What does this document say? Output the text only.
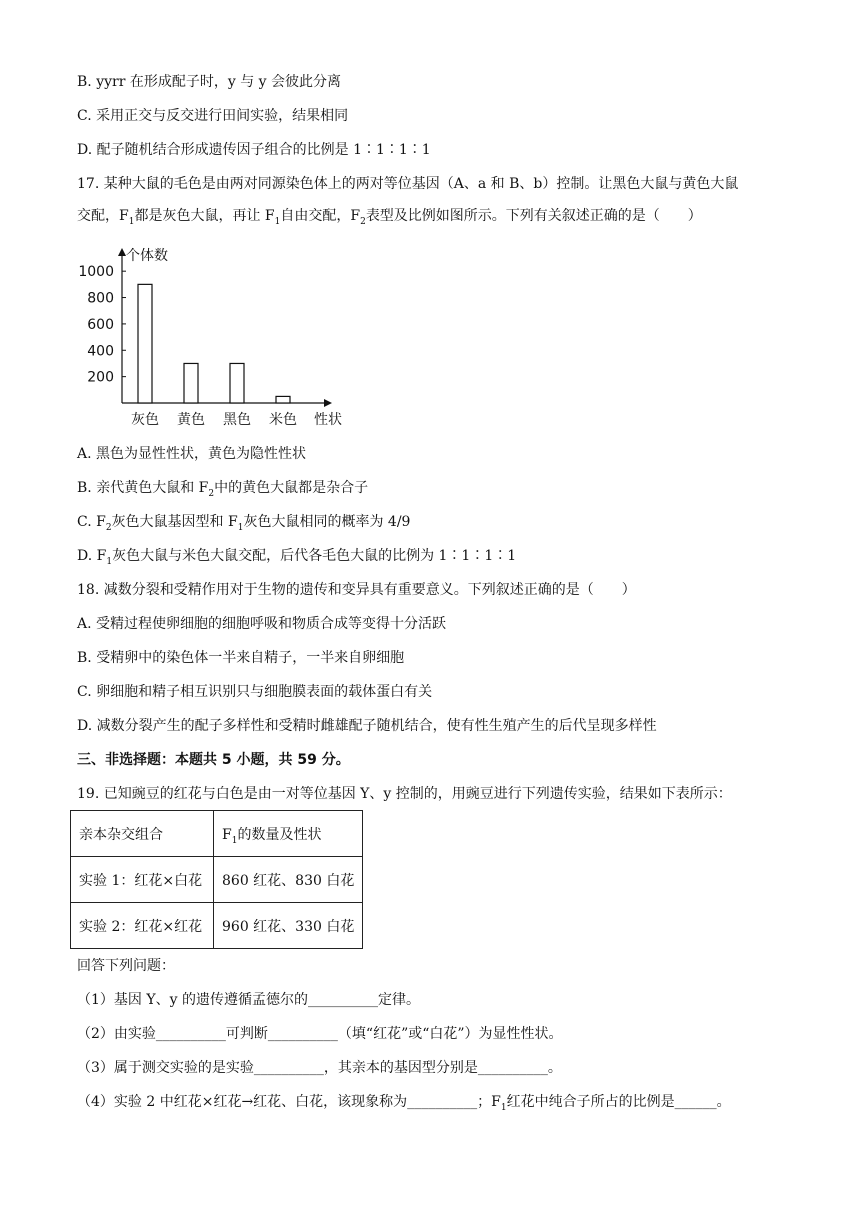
B. yyrr 在形成配子时，y 与 y 会彼此分离
C. 采用正交与反交进行田间实验，结果相同
D. 配子随机结合形成遗传因子组合的比例是 1∶1∶1∶1
17. 某种大鼠的毛色是由两对同源染色体上的两对等位基因（A、a 和 B、b）控制。让黑色大鼠与黄色大鼠
交配，$F_1$都是灰色大鼠，再让 $F_1$自由交配，$F_2$表型及比例如图所示。下列有关叙述正确的是（　　）
200
400
600
800
1000
个体数
灰色 黄色 黑色 米色 性状
A. 黑色为显性性状，黄色为隐性性状
B. 亲代黄色大鼠和 $F_2$中的黄色大鼠都是杂合子
C. $F_2$灰色大鼠基因型和 $F_1$灰色大鼠相同的概率为 4/9
D. $F_1$灰色大鼠与米色大鼠交配，后代各毛色大鼠的比例为 1∶1∶1∶1
18. 减数分裂和受精作用对于生物的遗传和变异具有重要意义。下列叙述正确的是（　　）
A. 受精过程使卵细胞的细胞呼吸和物质合成等变得十分活跃
B. 受精卵中的染色体一半来自精子，一半来自卵细胞
C. 卵细胞和精子相互识别只与细胞膜表面的载体蛋白有关
D. 减数分裂产生的配子多样性和受精时雌雄配子随机结合，使有性生殖产生的后代呈现多样性
三、非选择题：本题共 5 小题，共 59 分。
19. 已知豌豆的红花与白色是由一对等位基因 Y、y 控制的，用豌豆进行下列遗传实验，结果如下表所示：
亲本杂交组合	$F_1$的数量及性状
实验 1：红花×白花	860 红花、830 白花
实验 2：红花×红花	960 红花、330 白花
回答下列问题：
（1）基因 Y、y 的遗传遵循孟德尔的__________定律。
（2）由实验__________可判断__________（填“红花”或“白花”）为显性性状。
（3）属于测交实验的是实验__________，其亲本的基因型分别是__________。
（4）实验 2 中红花×红花→红花、白花，该现象称为__________；$F_1$红花中纯合子所占的比例是______。
